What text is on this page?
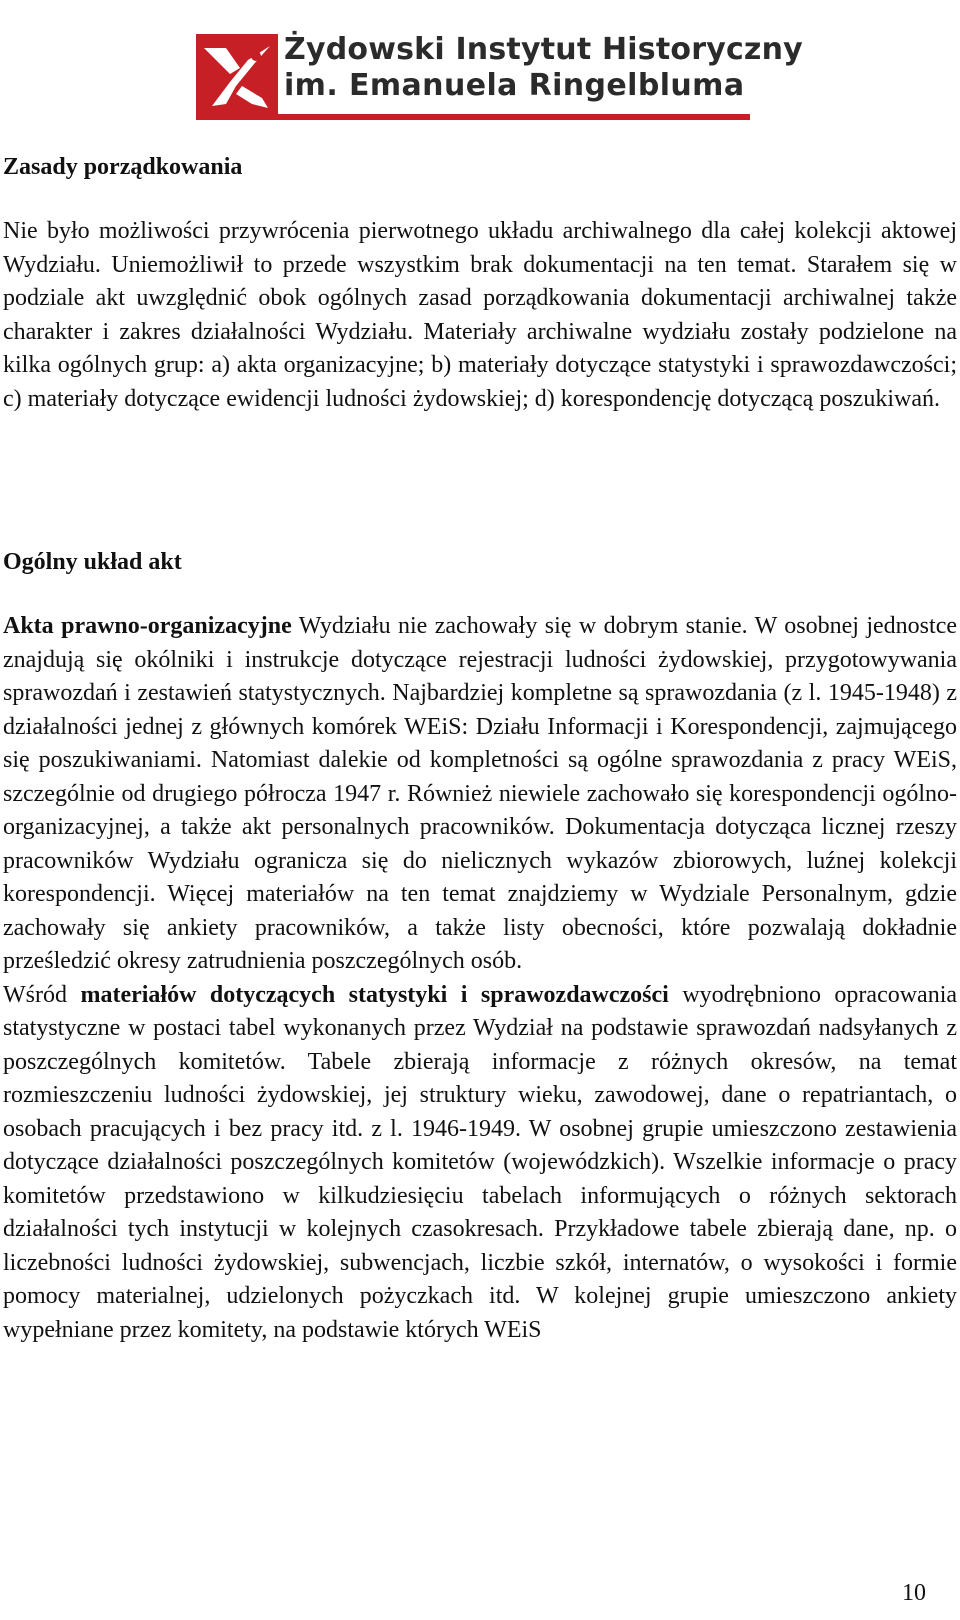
Żydowski Instytut Historyczny
im. Emanuela Ringelbluma
Zasady porządkowania

Nie było możliwości przywrócenia pierwotnego układu archiwalnego dla całej kolekcji aktowej Wydziału. Uniemożliwił to przede wszystkim brak dokumentacji na ten temat. Starałem się w podziale akt uwzględnić obok ogólnych zasad porządkowania dokumentacji archiwalnej także charakter i zakres działalności Wydziału. Materiały archiwalne wydziału zostały podzielone na kilka ogólnych grup: a) akta organizacyjne; b) materiały dotyczące statystyki i sprawozdawczości; c) materiały dotyczące ewidencji ludności żydowskiej; d) korespondencję dotyczącą poszukiwań.

Ogólny układ akt

Akta prawno-organizacyjne Wydziału nie zachowały się w dobrym stanie. W osobnej jednostce znajdują się okólniki i instrukcje dotyczące rejestracji ludności żydowskiej, przygotowywania sprawozdań i zestawień statystycznych. Najbardziej kompletne są sprawozdania (z l. 1945-1948) z działalności jednej z głównych komórek WEiS: Działu Informacji i Korespondencji, zajmującego się poszukiwaniami. Natomiast dalekie od kompletności są ogólne sprawozdania z pracy WEiS, szczególnie od drugiego półrocza 1947 r. Również niewiele zachowało się korespondencji ogólno-organizacyjnej, a także akt personalnych pracowników. Dokumentacja dotycząca licznej rzeszy pracowników Wydziału ogranicza się do nielicznych wykazów zbiorowych, luźnej kolekcji korespondencji. Więcej materiałów na ten temat znajdziemy w Wydziale Personalnym, gdzie zachowały się ankiety pracowników, a także listy obecności, które pozwalają dokładnie prześledzić okresy zatrudnienia poszczególnych osób.
Wśród materiałów dotyczących statystyki i sprawozdawczości wyodrębniono opracowania statystyczne w postaci tabel wykonanych przez Wydział na podstawie sprawozdań nadsyłanych z poszczególnych komitetów. Tabele zbierają informacje z różnych okresów, na temat rozmieszczeniu ludności żydowskiej, jej struktury wieku, zawodowej, dane o repatriantach, o osobach pracujących i bez pracy itd. z l. 1946-1949. W osobnej grupie umieszczono zestawienia dotyczące działalności poszczególnych komitetów (wojewódzkich). Wszelkie informacje o pracy komitetów przedstawiono w kilkudziesięciu tabelach informujących o różnych sektorach działalności tych instytucji w kolejnych czasokresach. Przykładowe tabele zbierają dane, np. o liczebności ludności żydowskiej, subwencjach, liczbie szkół, internatów, o wysokości i formie pomocy materialnej, udzielonych pożyczkach itd. W kolejnej grupie umieszczono ankiety wypełniane przez komitety, na podstawie których WEiS

10
